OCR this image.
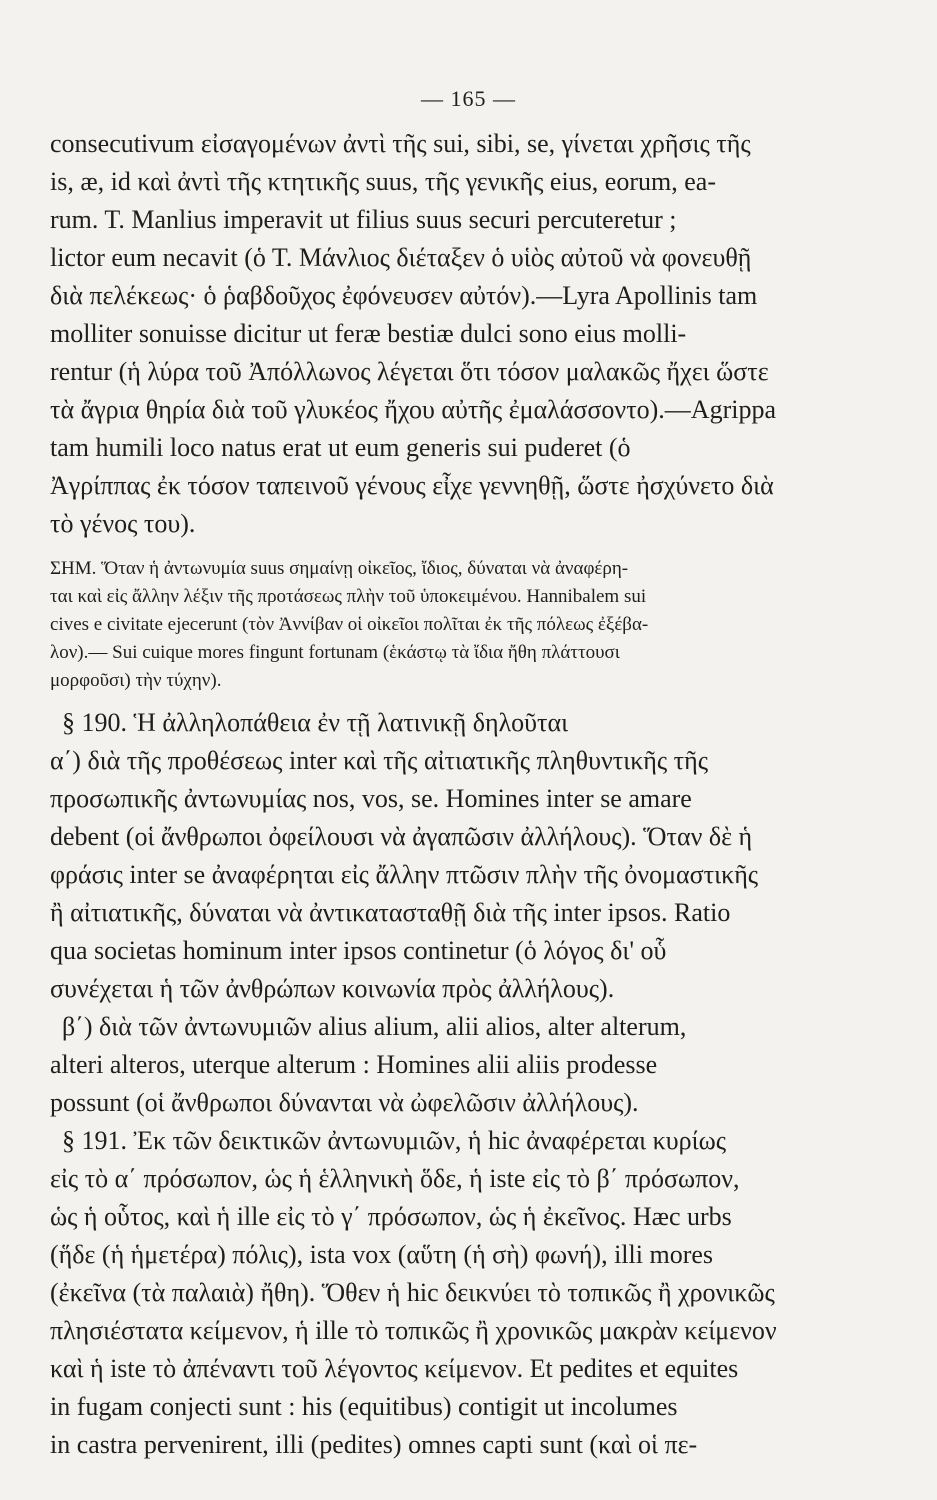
— 165 —
consecutivum εἰσαγομένων ἀντὶ τῆς sui, sibi, se, γίνεται χρῆσις τῆς
is, æ, id καὶ ἀντὶ τῆς κτητικῆς suus, τῆς γενικῆς eius, eorum, ea-
rum. T. Manlius imperavit ut filius suus securi percuteretur ;
lictor eum necavit (ὁ Τ. Μάνλιος διέταξεν ὁ υἱὸς αὐτοῦ νὰ φονευθῇ
διὰ πελέκεως· ὁ ῥαβδοῦχος ἐφόνευσεν αὐτόν).—Lyra Apollinis tam
molliter sonuisse dicitur ut feræ bestiæ dulci sono eius molli-
rentur (ἡ λύρα τοῦ Ἀπόλλωνος λέγεται ὅτι τόσον μαλακῶς ἤχει ὥστε
τὰ ἄγρια θηρία διὰ τοῦ γλυκέος ἤχου αὐτῆς ἐμαλάσσοντο).—Agrippa
tam humili loco natus erat ut eum generis sui puderet (ὁ
Ἀγρίππας ἐκ τόσον ταπεινοῦ γένους εἶχε γεννηθῇ, ὥστε ἠσχύνετο διὰ
τὸ γένος του).
ΣΗΜ. Ὅταν ἡ ἀντωνυμία suus σημαίνῃ οἰκεῖος, ἴδιος, δύναται νὰ ἀναφέρη-
ται καὶ εἰς ἄλλην λέξιν τῆς προτάσεως πλὴν τοῦ ὑποκειμένου. Hannibalem sui
cives e civitate ejecerunt (τὸν Ἀννίβαν οἱ οἰκεῖοι πολῖται ἐκ τῆς πόλεως ἐξέβα-
λον).— Sui cuique mores fingunt fortunam (ἑκάστῳ τὰ ἴδια ἤθη πλάττουσι
μορφοῦσι) τὴν τύχην).
§ 190. Ἡ ἀλληλοπάθεια ἐν τῇ λατινικῇ δηλοῦται
α΄) διὰ τῆς προθέσεως inter καὶ τῆς αἰτιατικῆς πληθυντικῆς τῆς
προσωπικῆς ἀντωνυμίας nos, vos, se. Homines inter se amare
debent (οἱ ἄνθρωποι ὀφείλουσι νὰ ἀγαπῶσιν ἀλλήλους). Ὅταν δὲ ἡ
φράσις inter se ἀναφέρηται εἰς ἄλλην πτῶσιν πλὴν τῆς ὀνομαστικῆς
ἢ αἰτιατικῆς, δύναται νὰ ἀντικατασταθῇ διὰ τῆς inter ipsos. Ratio
qua societas hominum inter ipsos continetur (ὁ λόγος δι' οὗ
συνέχεται ἡ τῶν ἀνθρώπων κοινωνία πρὸς ἀλλήλους).
β΄) διὰ τῶν ἀντωνυμιῶν alius alium, alii alios, alter alterum,
alteri alteros, uterque alterum : Homines alii aliis prodesse
possunt (οἱ ἄνθρωποι δύνανται νὰ ὠφελῶσιν ἀλλήλους).
§ 191. Ἐκ τῶν δεικτικῶν ἀντωνυμιῶν, ἡ hic ἀναφέρεται κυρίως
εἰς τὸ α΄ πρόσωπον, ὡς ἡ ἑλληνικὴ ὅδε, ἡ iste εἰς τὸ β΄ πρόσωπον,
ὡς ἡ οὗτος, καὶ ἡ ille εἰς τὸ γ΄ πρόσωπον, ὡς ἡ ἐκεῖνος. Hæc urbs
(ἥδε (ἡ ἡμετέρα) πόλις), ista vox (αὕτη (ἡ σὴ) φωνή), illi mores
(ἐκεῖνα (τὰ παλαιὰ) ἤθη). Ὅθεν ἡ hic δεικνύει τὸ τοπικῶς ἢ χρονικῶς
πλησιέστατα κείμενον, ἡ ille τὸ τοπικῶς ἢ χρονικῶς μακρὰν κείμενον
καὶ ἡ iste τὸ ἀπέναντι τοῦ λέγοντος κείμενον. Et pedites et equites
in fugam conjecti sunt : his (equitibus) contigit ut incolumes
in castra pervenirent, illi (pedites) omnes capti sunt (καὶ οἱ πε-
